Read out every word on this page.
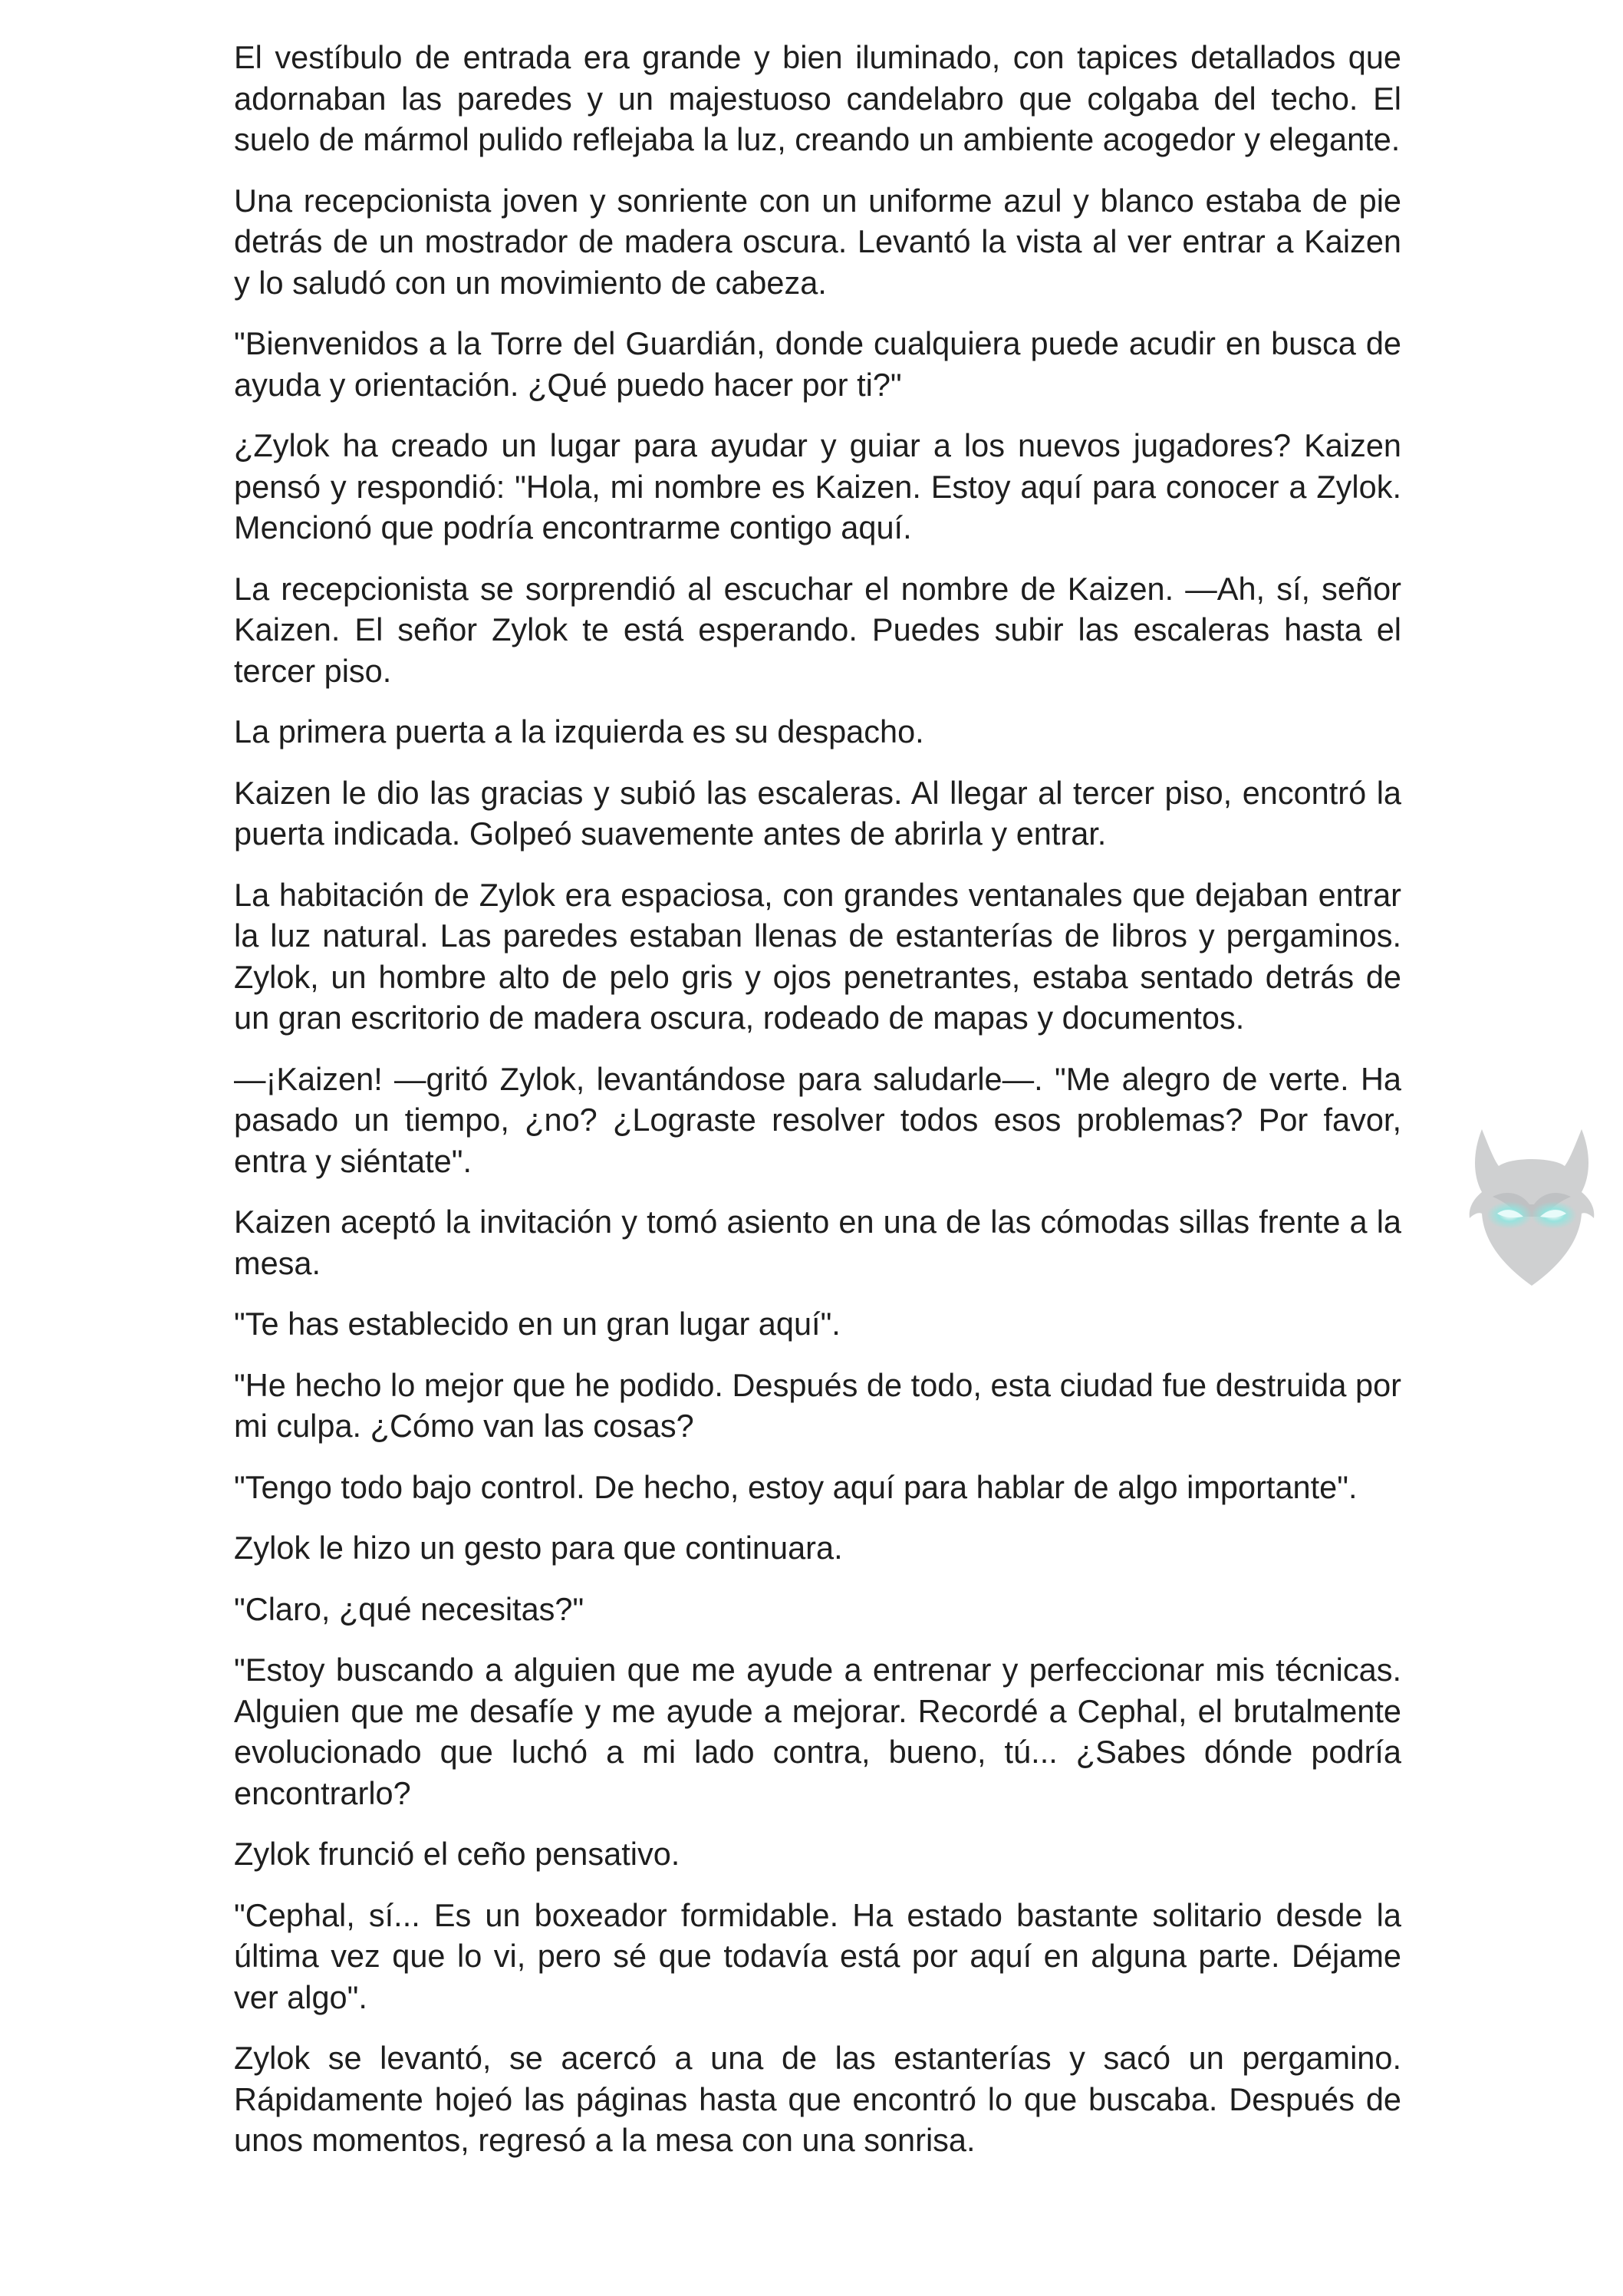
El vestíbulo de entrada era grande y bien iluminado, con tapices detallados que adornaban las paredes y un majestuoso candelabro que colgaba del techo. El suelo de mármol pulido reflejaba la luz, creando un ambiente acogedor y elegante.

Una recepcionista joven y sonriente con un uniforme azul y blanco estaba de pie detrás de un mostrador de madera oscura. Levantó la vista al ver entrar a Kaizen y lo saludó con un movimiento de cabeza.

"Bienvenidos a la Torre del Guardián, donde cualquiera puede acudir en busca de ayuda y orientación. ¿Qué puedo hacer por ti?"

¿Zylok ha creado un lugar para ayudar y guiar a los nuevos jugadores? Kaizen pensó y respondió: "Hola, mi nombre es Kaizen. Estoy aquí para conocer a Zylok. Mencionó que podría encontrarme contigo aquí.

La recepcionista se sorprendió al escuchar el nombre de Kaizen. —Ah, sí, señor Kaizen. El señor Zylok te está esperando. Puedes subir las escaleras hasta el tercer piso.

La primera puerta a la izquierda es su despacho.

Kaizen le dio las gracias y subió las escaleras. Al llegar al tercer piso, encontró la puerta indicada. Golpeó suavemente antes de abrirla y entrar.

La habitación de Zylok era espaciosa, con grandes ventanales que dejaban entrar la luz natural. Las paredes estaban llenas de estanterías de libros y pergaminos. Zylok, un hombre alto de pelo gris y ojos penetrantes, estaba sentado detrás de un gran escritorio de madera oscura, rodeado de mapas y documentos.

—¡Kaizen! —gritó Zylok, levantándose para saludarle—. "Me alegro de verte. Ha pasado un tiempo, ¿no? ¿Lograste resolver todos esos problemas? Por favor, entra y siéntate".

Kaizen aceptó la invitación y tomó asiento en una de las cómodas sillas frente a la mesa.

"Te has establecido en un gran lugar aquí".

"He hecho lo mejor que he podido. Después de todo, esta ciudad fue destruida por mi culpa. ¿Cómo van las cosas?

"Tengo todo bajo control. De hecho, estoy aquí para hablar de algo importante".

Zylok le hizo un gesto para que continuara.

"Claro, ¿qué necesitas?"

"Estoy buscando a alguien que me ayude a entrenar y perfeccionar mis técnicas. Alguien que me desafíe y me ayude a mejorar. Recordé a Cephal, el brutalmente evolucionado que luchó a mi lado contra, bueno, tú... ¿Sabes dónde podría encontrarlo?

Zylok frunció el ceño pensativo.

"Cephal, sí... Es un boxeador formidable. Ha estado bastante solitario desde la última vez que lo vi, pero sé que todavía está por aquí en alguna parte. Déjame ver algo".

Zylok se levantó, se acercó a una de las estanterías y sacó un pergamino. Rápidamente hojeó las páginas hasta que encontró lo que buscaba. Después de unos momentos, regresó a la mesa con una sonrisa.
